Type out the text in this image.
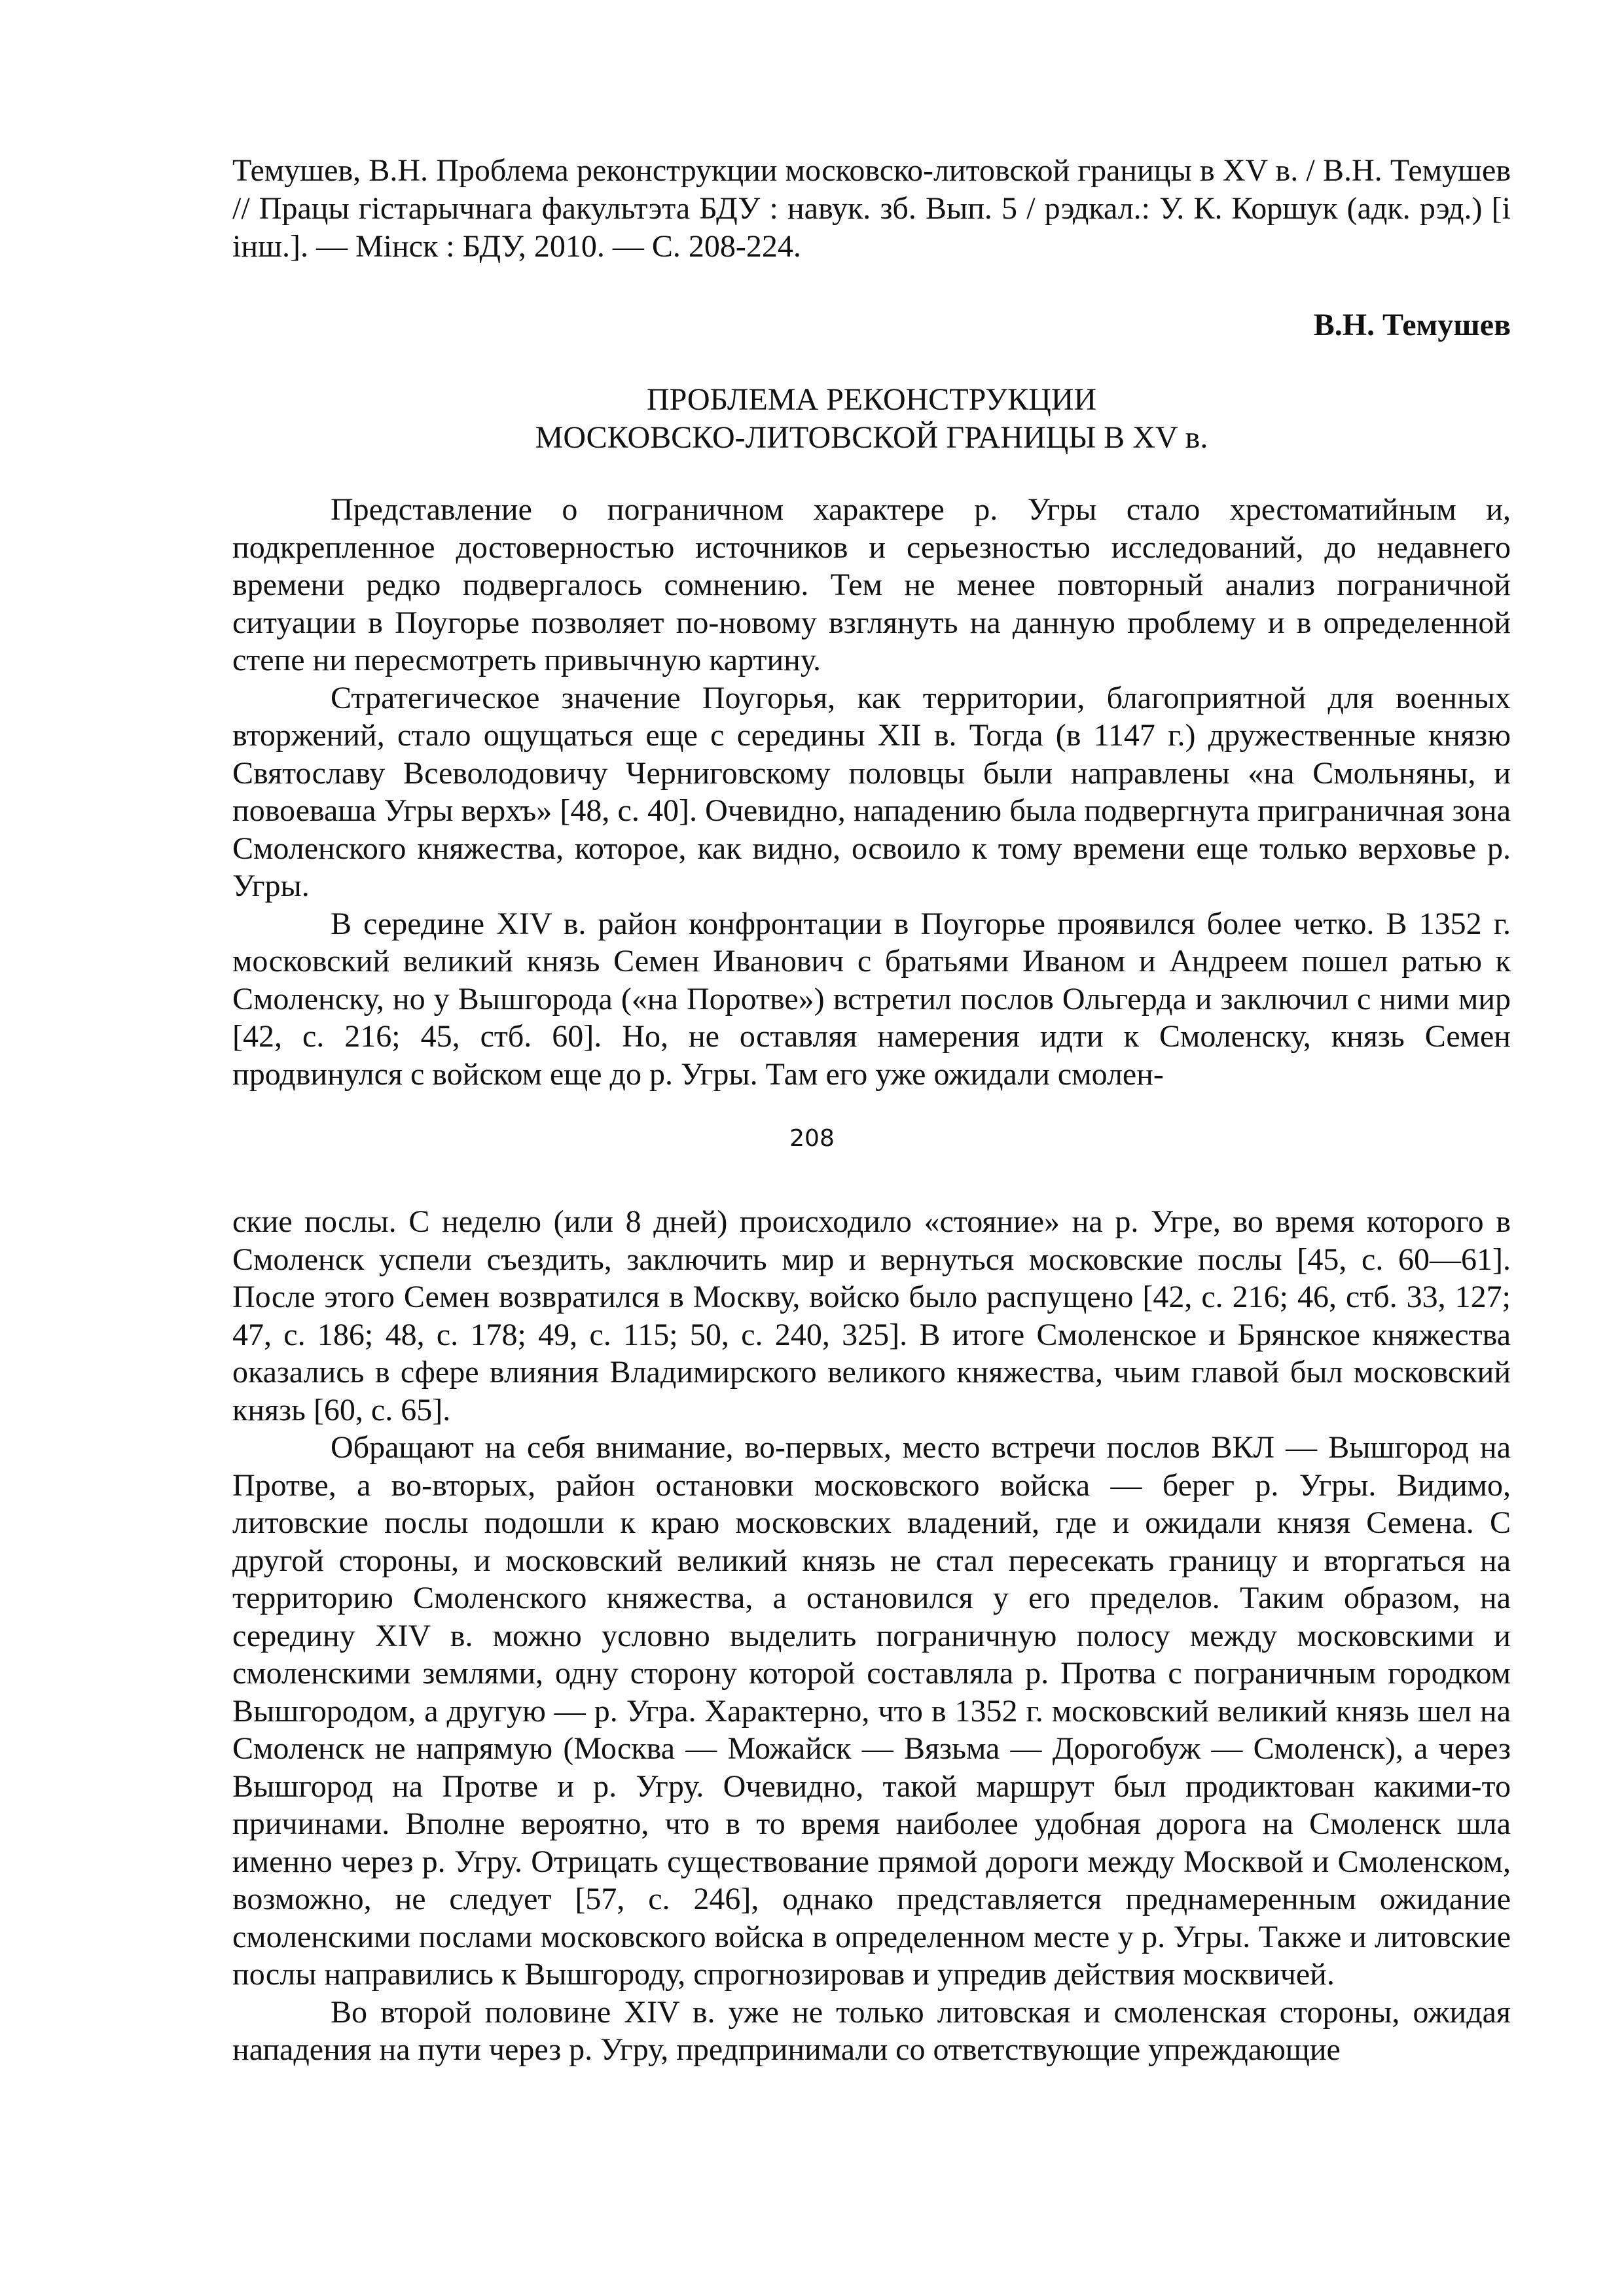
Темушев, В.Н. Проблема реконструкции московско-литовской границы в XV в. / В.Н. Темушев // Працы гістарычнага факультэта БДУ : навук. зб. Вып. 5 / рэдкал.: У. К. Коршук (адк. рэд.) [і інш.]. — Мінск : БДУ, 2010. — С. 208-224.
В.Н. Темушев
ПРОБЛЕМА РЕКОНСТРУКЦИИ
МОСКОВСКО-ЛИТОВСКОЙ ГРАНИЦЫ В XV в.

Представление о пограничном характере р. Угры стало хрестоматийным и, подкрепленное достоверностью источников и серьезностью исследований, до недавнего времени редко подвергалось сомнению. Тем не менее повторный анализ пограничной ситуации в Поугорье позволяет по-новому взглянуть на данную проблему и в определенной степе ни пересмотреть привычную картину.

Стратегическое значение Поугорья, как территории, благоприятной для военных вторжений, стало ощущаться еще с середины XII в. Тогда (в 1147 г.) дружественные князю Святославу Всеволодовичу Черниговскому половцы были направлены «на Смольняны, и повоеваша Угры верхъ» [48, с. 40]. Очевидно, нападению была подвергнута приграничная зона Смоленского княжества, которое, как видно, освоило к тому времени еще только верховье р. Угры.

В середине XIV в. район конфронтации в Поугорье проявился более четко. В 1352 г. московский великий князь Семен Иванович с братьями Иваном и Андреем пошел ратью к Смоленску, но у Вышгорода («на Поротве») встретил послов Ольгерда и заключил с ними мир [42, с. 216; 45, стб. 60]. Но, не оставляя намерения идти к Смоленску, князь Семен продвинулся с войском еще до р. Угры. Там его уже ожидали смолен-

208

ские послы. С неделю (или 8 дней) происходило «стояние» на р. Угре, во время которого в Смоленск успели съездить, заключить мир и вернуться московские послы [45, с. 60—61]. После этого Семен возвратился в Москву, войско было распущено [42, с. 216; 46, стб. 33, 127; 47, с. 186; 48, с. 178; 49, с. 115; 50, с. 240, 325]. В итоге Смоленское и Брянское княжества оказались в сфере влияния Владимирского великого княжества, чьим главой был московский князь [60, с. 65].

Обращают на себя внимание, во-первых, место встречи послов ВКЛ — Вышгород на Протве, а во-вторых, район остановки московского войска — берег р. Угры. Видимо, литовские послы подошли к краю московских владений, где и ожидали князя Семена. С другой стороны, и московский великий князь не стал пересекать границу и вторгаться на территорию Смоленского княжества, а остановился у его пределов. Таким образом, на середину XIV в. можно условно выделить пограничную полосу между московскими и смоленскими землями, одну сторону которой составляла р. Протва с пограничным городком Вышгородом, а другую — р. Угра. Характерно, что в 1352 г. московский великий князь шел на Смоленск не напрямую (Москва — Можайск — Вязьма — Дорогобуж — Смоленск), а через Вышгород на Протве и р. Угру. Очевидно, такой маршрут был продиктован какими-то причинами. Вполне вероятно, что в то время наиболее удобная дорога на Смоленск шла именно через р. Угру. Отрицать существование прямой дороги между Москвой и Смоленском, возможно, не следует [57, с. 246], однако представляется преднамеренным ожидание смоленскими послами московского войска в определенном месте у р. Угры. Также и литовские послы направились к Вышгороду, спрогнозировав и упредив действия москвичей.

Во второй половине XIV в. уже не только литовская и смоленская стороны, ожидая нападения на пути через р. Угру, предпринимали со ответствующие упреждающие
